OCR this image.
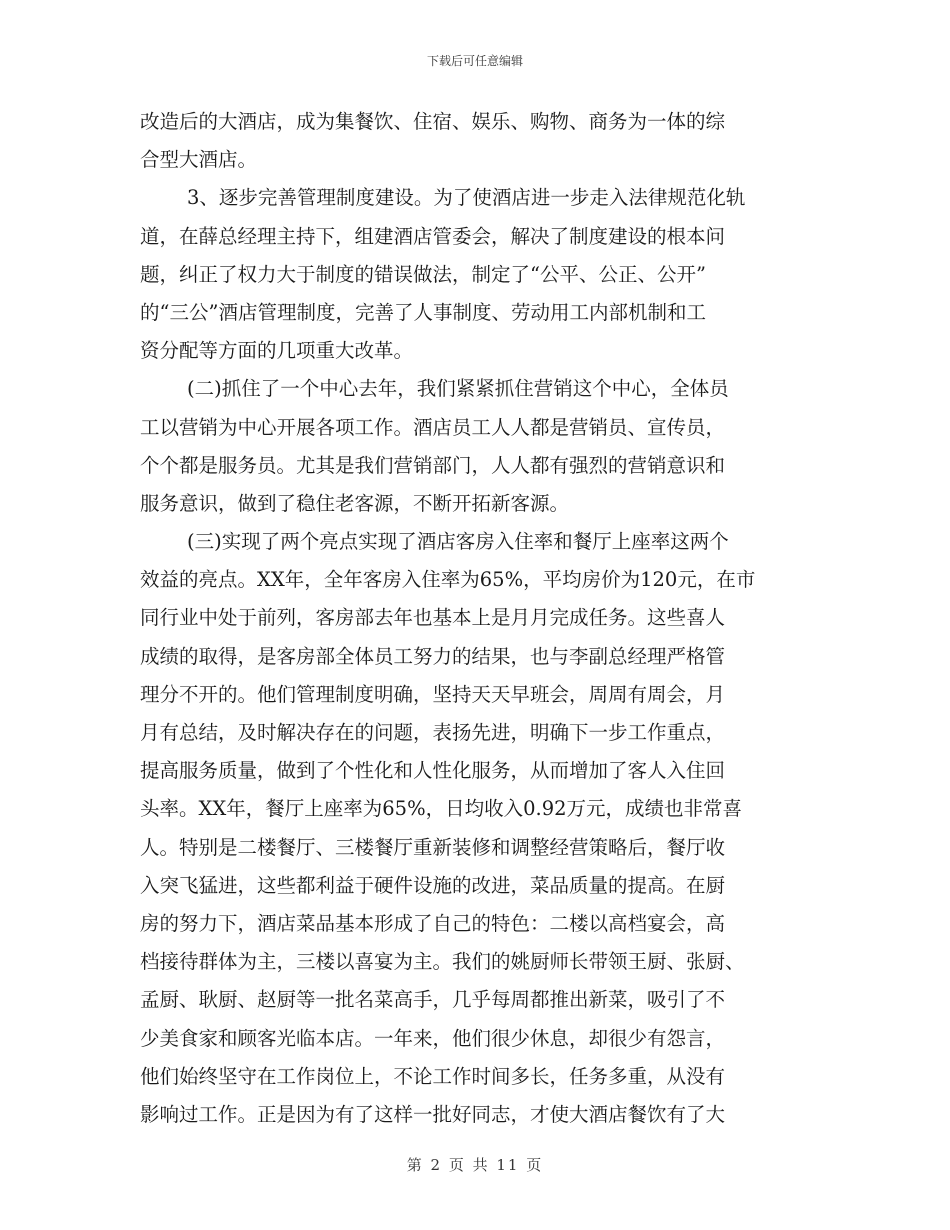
下载后可任意编辑
改造后的大酒店，成为集餐饮、住宿、娱乐、购物、商务为一体的综
合型大酒店。
3、逐步完善管理制度建设。为了使酒店进一步走入法律规范化轨
道，在薛总经理主持下，组建酒店管委会，解决了制度建设的根本问
题，纠正了权力大于制度的错误做法，制定了“公平、公正、公开”
的“三公”酒店管理制度，完善了人事制度、劳动用工内部机制和工
资分配等方面的几项重大改革。
(二)抓住了一个中心去年，我们紧紧抓住营销这个中心，全体员
工以营销为中心开展各项工作。酒店员工人人都是营销员、宣传员，
个个都是服务员。尤其是我们营销部门，人人都有强烈的营销意识和
服务意识，做到了稳住老客源，不断开拓新客源。
(三)实现了两个亮点实现了酒店客房入住率和餐厅上座率这两个
效益的亮点。XX年，全年客房入住率为65%，平均房价为120元，在市
同行业中处于前列，客房部去年也基本上是月月完成任务。这些喜人
成绩的取得，是客房部全体员工努力的结果，也与李副总经理严格管
理分不开的。他们管理制度明确，坚持天天早班会，周周有周会，月
月有总结，及时解决存在的问题，表扬先进，明确下一步工作重点，
提高服务质量，做到了个性化和人性化服务，从而增加了客人入住回
头率。XX年，餐厅上座率为65%，日均收入0.92万元，成绩也非常喜
人。特别是二楼餐厅、三楼餐厅重新装修和调整经营策略后，餐厅收
入突飞猛进，这些都利益于硬件设施的改进，菜品质量的提高。在厨
房的努力下，酒店菜品基本形成了自己的特色：二楼以高档宴会，高
档接待群体为主，三楼以喜宴为主。我们的姚厨师长带领王厨、张厨、
孟厨、耿厨、赵厨等一批名菜高手，几乎每周都推出新菜，吸引了不
少美食家和顾客光临本店。一年来，他们很少休息，却很少有怨言，
他们始终坚守在工作岗位上，不论工作时间多长，任务多重，从没有
影响过工作。正是因为有了这样一批好同志，才使大酒店餐饮有了大
第 2 页 共 11 页
